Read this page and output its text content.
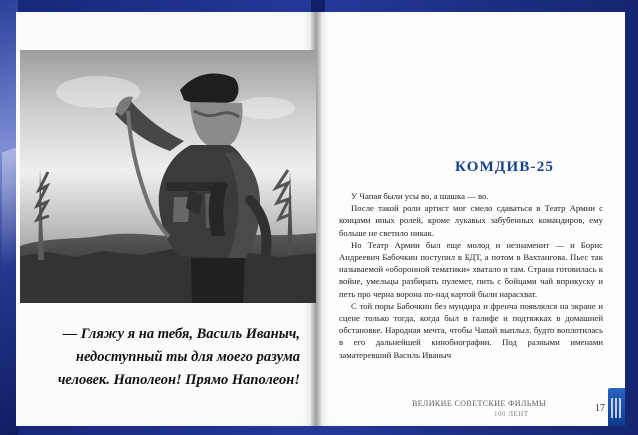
— Гляжу я на тебя, Василь Иваныч,
недоступный ты для моего разума
человек. Наполеон! Прямо Наполеон!
КОМДИВ-25

У Чапая были усы во, а шашка — во.

После такой роли артист мог смело сдаваться в Театр Армии с концами иных ролей, кроме лукавых забубенных командиров, ему больше не светило никак.

Но Театр Армии был еще молод и незнаменит — и Борис Андреевич Бабочкин поступил в БДТ, а потом в Вахтангова. Пьес так называемой «оборонной тематики» хватало и там. Страна готовилась к войне, умельцы разбирать пулемет, пить с бойцами чай вприкуску и петь про черна ворона по-над картой были нарасхват.

С той поры Бабочкин без мундира и френча появлялся на экране и сцене только тогда, когда был в галифе и подтяжках в домашней обстановке. Народная мечта, чтобы Чапай выплыл, будто воплотилась в его дальнейшей кинобиографии. Под разными именами заматеревший Василь Иваныч

ВЕЛИКИЕ СОВЕТСКИЕ ФИЛЬМЫ
100 ЛЕНТ	17
